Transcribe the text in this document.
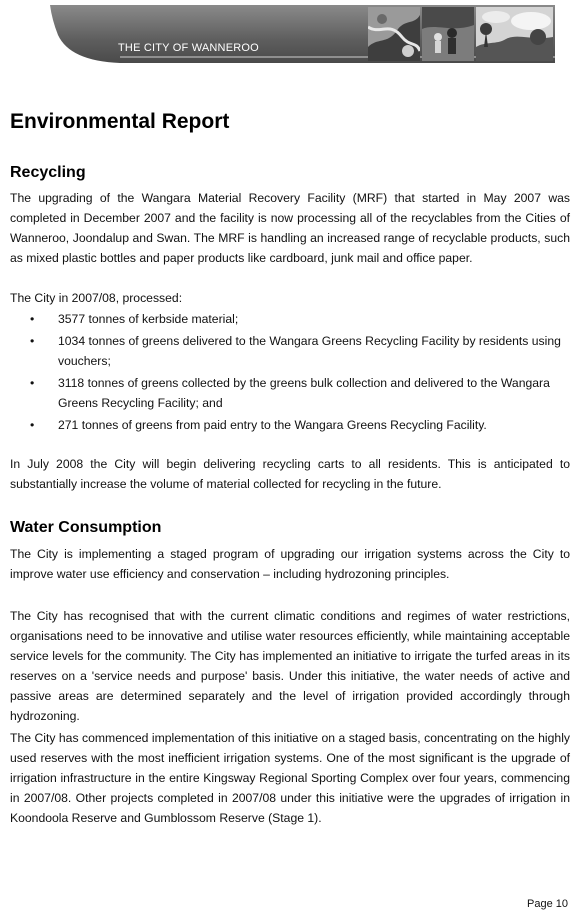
THE CITY OF WANNEROO
Environmental Report
Recycling

The upgrading of the Wangara Material Recovery Facility (MRF) that started in May 2007 was completed in December 2007 and the facility is now processing all of the recyclables from the Cities of Wanneroo, Joondalup and Swan. The MRF is handling an increased range of recyclable products, such as mixed plastic bottles and paper products like cardboard, junk mail and office paper.

The City in 2007/08, processed:

•	3577 tonnes of kerbside material;
•	1034 tonnes of greens delivered to the Wangara Greens Recycling Facility by residents using vouchers;
•	3118 tonnes of greens collected by the greens bulk collection and delivered to the Wangara Greens Recycling Facility; and
•	271 tonnes of greens from paid entry to the Wangara Greens Recycling Facility.

In July 2008 the City will begin delivering recycling carts to all residents. This is anticipated to substantially increase the volume of material collected for recycling in the future.

Water Consumption

The City is implementing a staged program of upgrading our irrigation systems across the City to improve water use efficiency and conservation – including hydrozoning principles.

The City has recognised that with the current climatic conditions and regimes of water restrictions, organisations need to be innovative and utilise water resources efficiently, while maintaining acceptable service levels for the community. The City has implemented an initiative to irrigate the turfed areas in its reserves on a 'service needs and purpose' basis. Under this initiative, the water needs of active and passive areas are determined separately and the level of irrigation provided accordingly through hydrozoning.

The City has commenced implementation of this initiative on a staged basis, concentrating on the highly used reserves with the most inefficient irrigation systems. One of the most significant is the upgrade of irrigation infrastructure in the entire Kingsway Regional Sporting Complex over four years, commencing in 2007/08. Other projects completed in 2007/08 under this initiative were the upgrades of irrigation in Koondoola Reserve and Gumblossom Reserve (Stage 1).

Page 10
